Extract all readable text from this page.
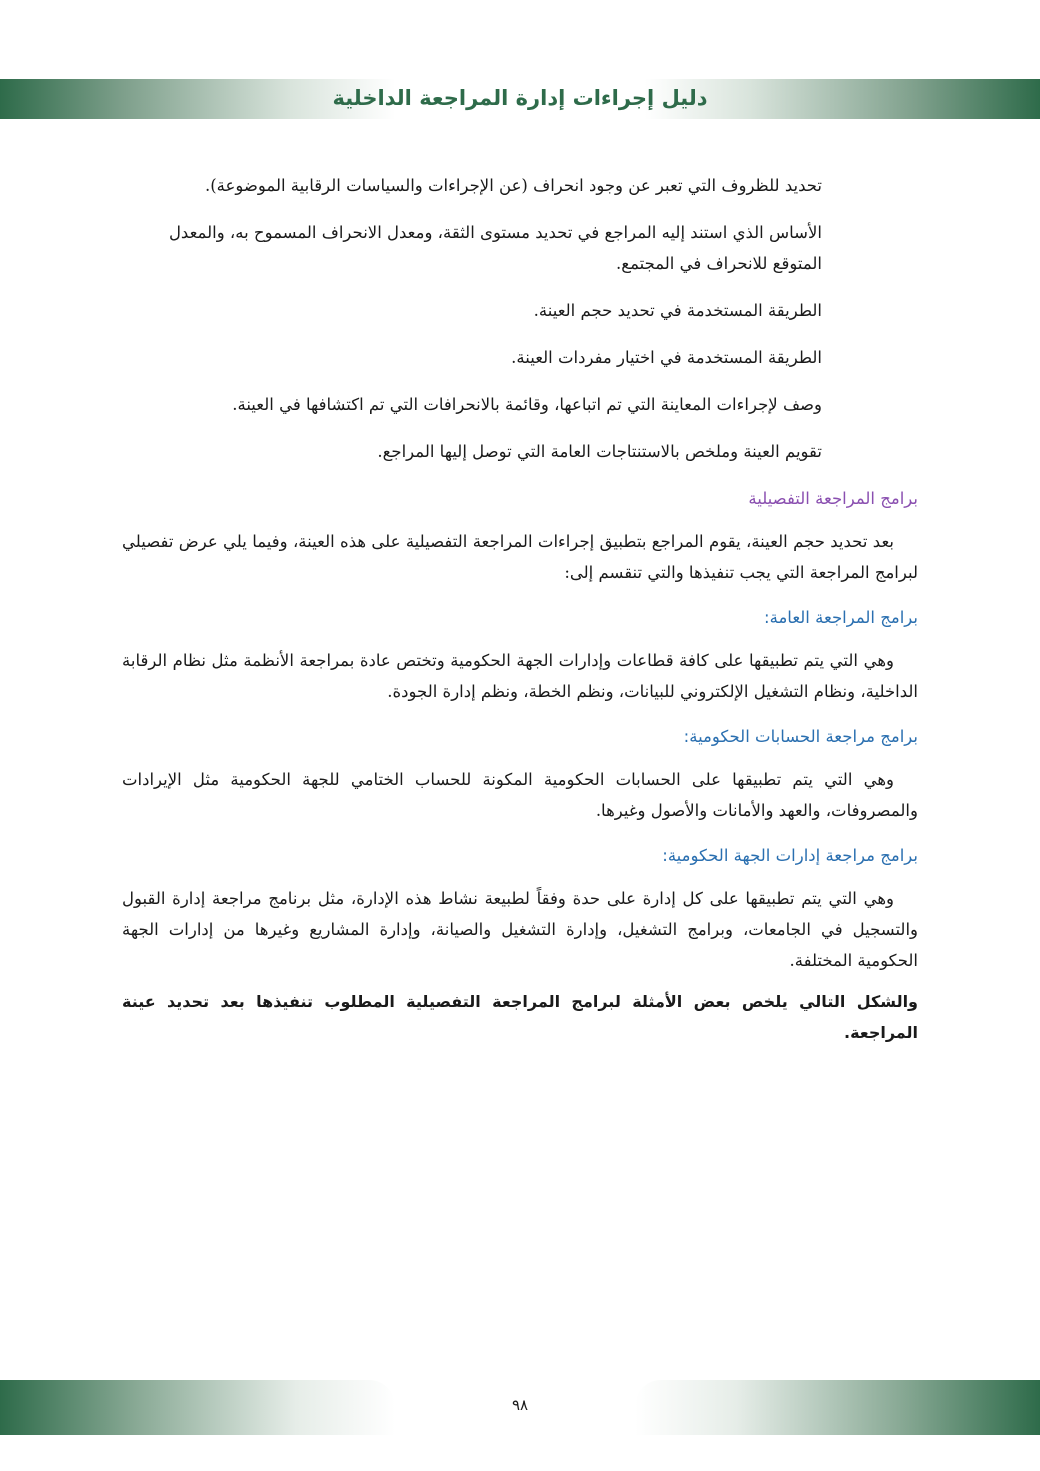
دليل إجراءات إدارة المراجعة الداخلية
تحديد للظروف التي تعبر عن وجود انحراف (عن الإجراءات والسياسات الرقابية الموضوعة).
الأساس الذي استند إليه المراجع في تحديد مستوى الثقة، ومعدل الانحراف المسموح به، والمعدل المتوقع للانحراف في المجتمع.
الطريقة المستخدمة في تحديد حجم العينة.
الطريقة المستخدمة في اختيار مفردات العينة.
وصف لإجراءات المعاينة التي تم اتباعها، وقائمة بالانحرافات التي تم اكتشافها في العينة.
تقويم العينة وملخص بالاستنتاجات العامة التي توصل إليها المراجع.
برامج المراجعة التفصيلية

بعد تحديد حجم العينة، يقوم المراجع بتطبيق إجراءات المراجعة التفصيلية على هذه العينة، وفيما يلي عرض تفصيلي لبرامج المراجعة التي يجب تنفيذها والتي تنقسم إلى:

برامج المراجعة العامة:

وهي التي يتم تطبيقها على كافة قطاعات وإدارات الجهة الحكومية وتختص عادة بمراجعة الأنظمة مثل نظام الرقابة الداخلية، ونظام التشغيل الإلكتروني للبيانات، ونظم الخطة، ونظم إدارة الجودة.

برامج مراجعة الحسابات الحكومية:

وهي التي يتم تطبيقها على الحسابات الحكومية المكونة للحساب الختامي للجهة الحكومية مثل الإيرادات والمصروفات، والعهد والأمانات والأصول وغيرها.

برامج مراجعة إدارات الجهة الحكومية:

وهي التي يتم تطبيقها على كل إدارة على حدة وفقاً لطبيعة نشاط هذه الإدارة، مثل برنامج مراجعة إدارة القبول والتسجيل في الجامعات، وبرامج التشغيل، وإدارة التشغيل والصيانة، وإدارة المشاريع وغيرها من إدارات الجهة الحكومية المختلفة.

والشكل التالي يلخص بعض الأمثلة لبرامج المراجعة التفصيلية المطلوب تنفيذها بعد تحديد عينة المراجعة.

٩٨
